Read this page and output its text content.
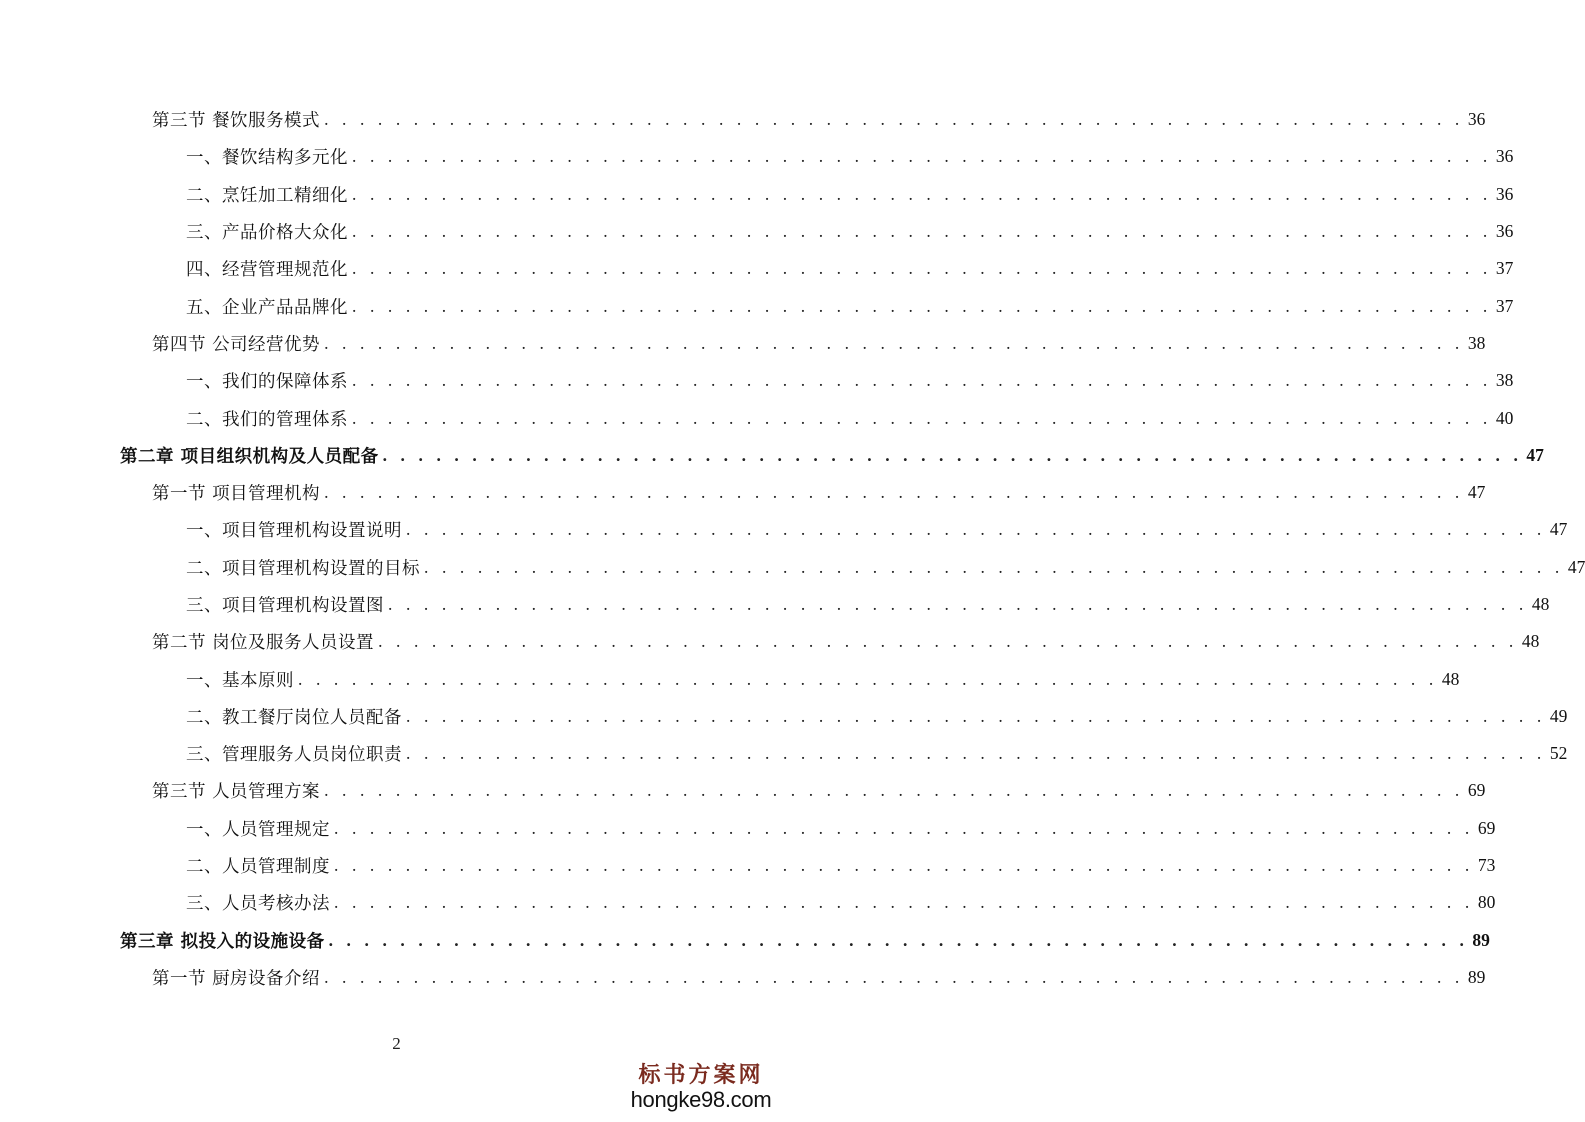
第三节 餐饮服务模式 . . . . . . . . . . . . . . . . . . . . . . . . . . . . . . . . . . . . . . . . . . . . . . . . . . . . . . . . . . . . . . . . 36
一、餐饮结构多元化 . . . . . . . . . . . . . . . . . . . . . . . . . . . . . . . . . . . . . . . . . . . . . . . . . . . . . . . . . . . . . . . . 36
二、烹饪加工精细化 . . . . . . . . . . . . . . . . . . . . . . . . . . . . . . . . . . . . . . . . . . . . . . . . . . . . . . . . . . . . . . . . 36
三、产品价格大众化 . . . . . . . . . . . . . . . . . . . . . . . . . . . . . . . . . . . . . . . . . . . . . . . . . . . . . . . . . . . . . . . . 36
四、经营管理规范化 . . . . . . . . . . . . . . . . . . . . . . . . . . . . . . . . . . . . . . . . . . . . . . . . . . . . . . . . . . . . . . . . 37
五、企业产品品牌化 . . . . . . . . . . . . . . . . . . . . . . . . . . . . . . . . . . . . . . . . . . . . . . . . . . . . . . . . . . . . . . . . 37
第四节 公司经营优势 . . . . . . . . . . . . . . . . . . . . . . . . . . . . . . . . . . . . . . . . . . . . . . . . . . . . . . . . . . . . . . . . 38
一、我们的保障体系 . . . . . . . . . . . . . . . . . . . . . . . . . . . . . . . . . . . . . . . . . . . . . . . . . . . . . . . . . . . . . . . . 38
二、我们的管理体系 . . . . . . . . . . . . . . . . . . . . . . . . . . . . . . . . . . . . . . . . . . . . . . . . . . . . . . . . . . . . . . . . 40
第二章 项目组织机构及人员配备 . . . . . . . . . . . . . . . . . . . . . . . . . . . . . . . . . . . . . . . . . . . . . . . . . . . . . . . . . . . . . . . . 47
第一节 项目管理机构 . . . . . . . . . . . . . . . . . . . . . . . . . . . . . . . . . . . . . . . . . . . . . . . . . . . . . . . . . . . . . . . . 47
一、项目管理机构设置说明 . . . . . . . . . . . . . . . . . . . . . . . . . . . . . . . . . . . . . . . . . . . . . . . . . . . . . . . . . . . . . . . . 47
二、项目管理机构设置的目标 . . . . . . . . . . . . . . . . . . . . . . . . . . . . . . . . . . . . . . . . . . . . . . . . . . . . . . . . . . . . . . . . 47
三、项目管理机构设置图 . . . . . . . . . . . . . . . . . . . . . . . . . . . . . . . . . . . . . . . . . . . . . . . . . . . . . . . . . . . . . . . . 48
第二节 岗位及服务人员设置 . . . . . . . . . . . . . . . . . . . . . . . . . . . . . . . . . . . . . . . . . . . . . . . . . . . . . . . . . . . . . . . . 48
一、基本原则 . . . . . . . . . . . . . . . . . . . . . . . . . . . . . . . . . . . . . . . . . . . . . . . . . . . . . . . . . . . . . . . . 48
二、教工餐厅岗位人员配备 . . . . . . . . . . . . . . . . . . . . . . . . . . . . . . . . . . . . . . . . . . . . . . . . . . . . . . . . . . . . . . . . 49
三、管理服务人员岗位职责 . . . . . . . . . . . . . . . . . . . . . . . . . . . . . . . . . . . . . . . . . . . . . . . . . . . . . . . . . . . . . . . . 52
第三节 人员管理方案 . . . . . . . . . . . . . . . . . . . . . . . . . . . . . . . . . . . . . . . . . . . . . . . . . . . . . . . . . . . . . . . . 69
一、人员管理规定 . . . . . . . . . . . . . . . . . . . . . . . . . . . . . . . . . . . . . . . . . . . . . . . . . . . . . . . . . . . . . . . . 69
二、人员管理制度 . . . . . . . . . . . . . . . . . . . . . . . . . . . . . . . . . . . . . . . . . . . . . . . . . . . . . . . . . . . . . . . . 73
三、人员考核办法 . . . . . . . . . . . . . . . . . . . . . . . . . . . . . . . . . . . . . . . . . . . . . . . . . . . . . . . . . . . . . . . . 80
第三章 拟投入的设施设备 . . . . . . . . . . . . . . . . . . . . . . . . . . . . . . . . . . . . . . . . . . . . . . . . . . . . . . . . . . . . . . . . 89
第一节 厨房设备介绍 . . . . . . . . . . . . . . . . . . . . . . . . . . . . . . . . . . . . . . . . . . . . . . . . . . . . . . . . . . . . . . . . 89
2
标书方案网
hongke98.com
